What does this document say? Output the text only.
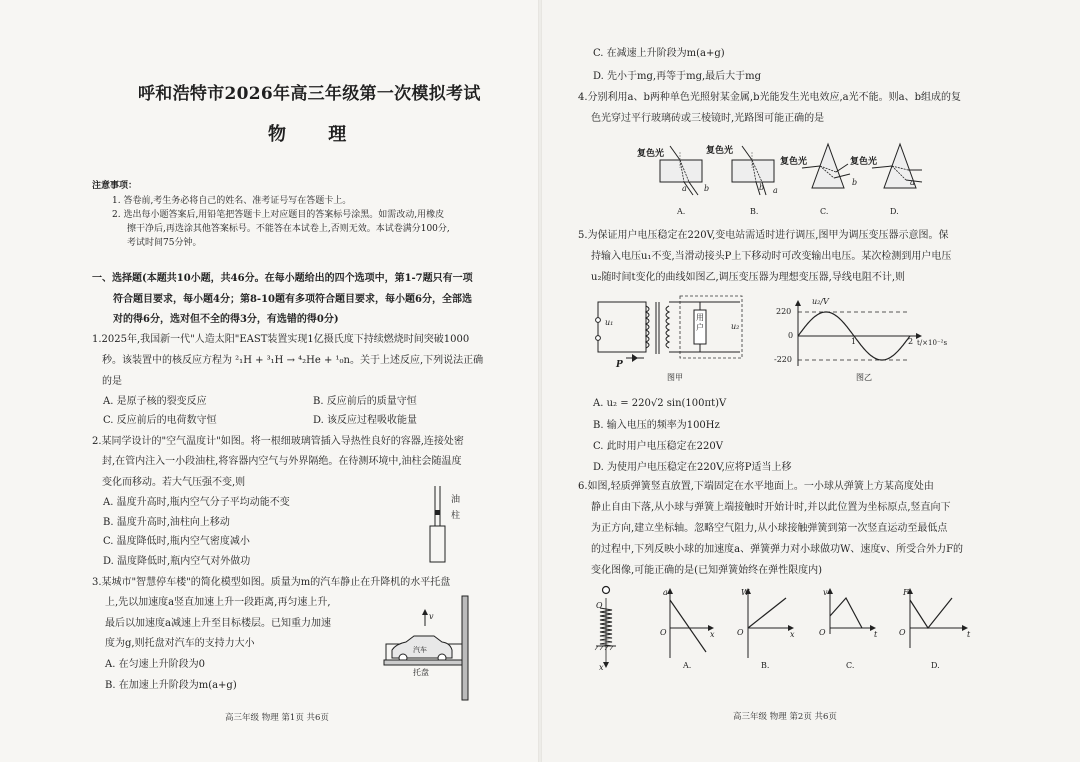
呼和浩特市2026年高三年级第一次模拟考试
物 理
注意事项：
1. 答卷前,考生务必将自己的姓名、准考证号写在答题卡上。
2. 选出每小题答案后,用铅笔把答题卡上对应题目的答案标号涂黑。如需改动,用橡皮
擦干净后,再选涂其他答案标号。不能答在本试卷上,否则无效。本试卷满分100分,
考试时间75分钟。
一、选择题(本题共10小题，共46分。在每小题给出的四个选项中，第1-7题只有一项
符合题目要求，每小题4分；第8-10题有多项符合题目要求，每小题6分，全部选
对的得6分，选对但不全的得3分，有选错的得0分)
1.2025年,我国新一代"人造太阳"EAST装置实现1亿摄氏度下持续燃烧时间突破1000
秒。该装置中的核反应方程为 ²₁H + ³₁H → ⁴₂He + ¹₀n。关于上述反应,下列说法正确
的是
A. 是原子核的裂变反应	B. 反应前后的质量守恒
C. 反应前后的电荷数守恒	D. 该反应过程吸收能量
2.某同学设计的"空气温度计"如图。将一根细玻璃管插入导热性良好的容器,连接处密
封,在管内注入一小段油柱,将容器内空气与外界隔绝。在待测环境中,油柱会随温度
变化而移动。若大气压强不变,则
A. 温度升高时,瓶内空气分子平均动能不变
B. 温度升高时,油柱向上移动
C. 温度降低时,瓶内空气密度减小
D. 温度降低时,瓶内空气对外做功
油柱
3.某城市"智慧停车楼"的简化模型如图。质量为m的汽车静止在升降机的水平托盘
上,先以加速度a竖直加速上升一段距离,再匀速上升,
最后以加速度a减速上升至目标楼层。已知重力加速
度为g,则托盘对汽车的支持力大小
A. 在匀速上升阶段为0
B. 在加速上升阶段为m(a+g)
v
汽车
托盘
高三年级 物理 第1页 共6页
C. 在减速上升阶段为m(a+g)
D. 先小于mg,再等于mg,最后大于mg
4.分别利用a、b两种单色光照射某金属,b光能发生光电效应,a光不能。则a、b组成的复
色光穿过平行玻璃砖或三棱镜时,光路图可能正确的是
复色光	复色光
复色光	复色光
a b	b a
b	a
A.	B.	C.	D.
5.为保证用户电压稳定在220V,变电站需适时进行调压,图甲为调压变压器示意图。保
持输入电压u₁不变,当滑动接头P上下移动时可改变输出电压。某次检测到用户电压
u₂随时间t变化的曲线如图乙,调压变压器为理想变压器,导线电阻不计,则
u₁	u₂
用户
P
图甲
u₂/V
220
0
-220
1	2 t/×10⁻²s
图乙
A. u₂ = 220√2 sin(100πt)V
B. 输入电压的频率为100Hz
C. 此时用户电压稳定在220V
D. 为使用户电压稳定在220V,应将P适当上移
6.如图,轻质弹簧竖直放置,下端固定在水平地面上。一小球从弹簧上方某高度处由
静止自由下落,从小球与弹簧上端接触时开始计时,并以此位置为坐标原点,竖直向下
为正方向,建立坐标轴。忽略空气阻力,从小球接触弹簧到第一次竖直运动至最低点
的过程中,下列反映小球的加速度a、弹簧弹力对小球做功W、速度v、所受合外力F的
变化图像,可能正确的是(已知弹簧始终在弹性限度内)
O
x
a	W	v	F
x	x	t	t
O	O	O	O
A.	B.	C.	D.
高三年级 物理 第2页 共6页
